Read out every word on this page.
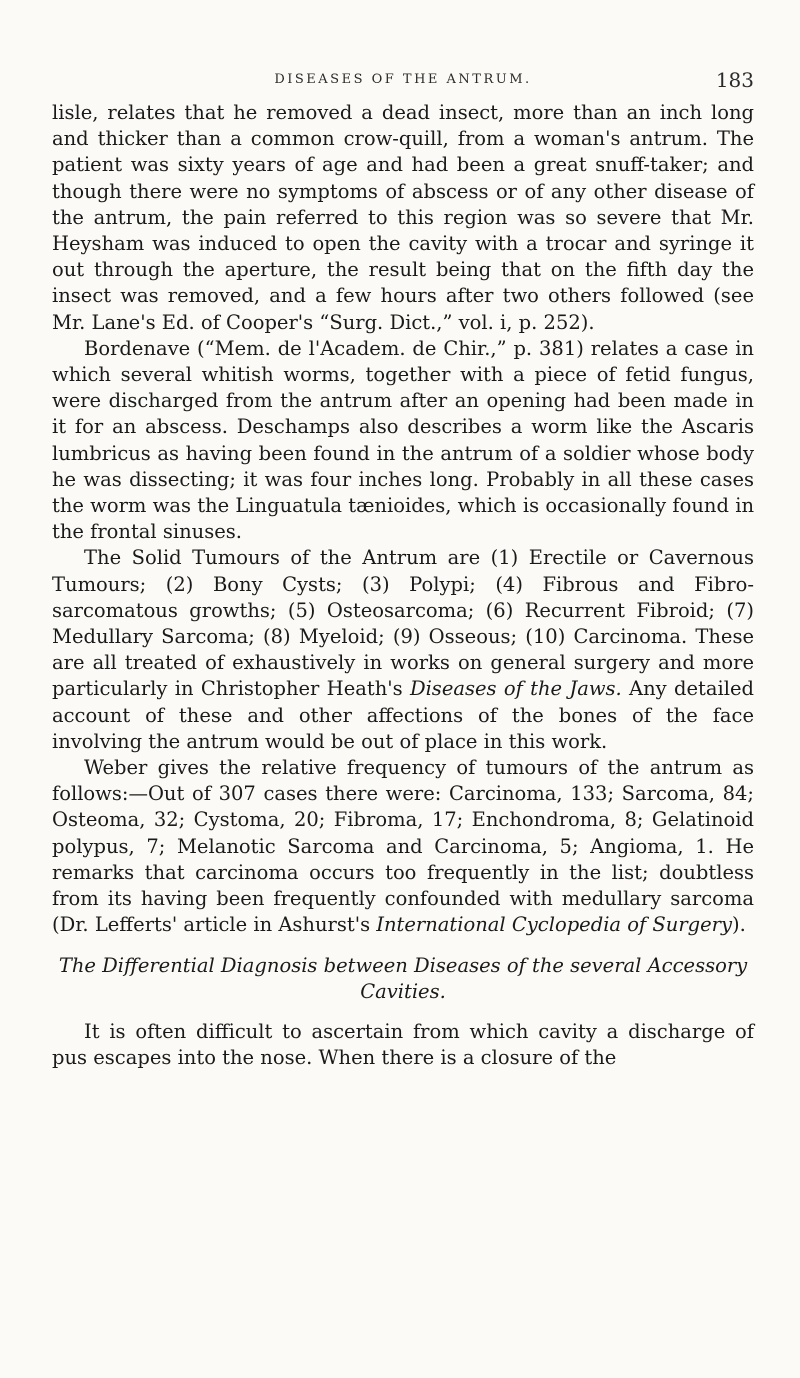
DISEASES OF THE ANTRUM.	183

lisle, relates that he removed a dead insect, more than an inch long and thicker than a common crow-quill, from a woman's antrum. The patient was sixty years of age and had been a great snuff-taker; and though there were no symptoms of abscess or of any other disease of the antrum, the pain referred to this region was so severe that Mr. Heysham was induced to open the cavity with a trocar and syringe it out through the aperture, the result being that on the fifth day the insect was removed, and a few hours after two others followed (see Mr. Lane's Ed. of Cooper's “Surg. Dict.,” vol. i, p. 252).

Bordenave (“Mem. de l'Academ. de Chir.,” p. 381) relates a case in which several whitish worms, together with a piece of fetid fungus, were discharged from the antrum after an opening had been made in it for an abscess. Deschamps also describes a worm like the Ascaris lumbricus as having been found in the antrum of a soldier whose body he was dissecting; it was four inches long. Probably in all these cases the worm was the Linguatula tænioides, which is occasionally found in the frontal sinuses.

The Solid Tumours of the Antrum are (1) Erectile or Cavernous Tumours; (2) Bony Cysts; (3) Polypi; (4) Fibrous and Fibro-sarcomatous growths; (5) Osteosarcoma; (6) Recurrent Fibroid; (7) Medullary Sarcoma; (8) Myeloid; (9) Osseous; (10) Carcinoma. These are all treated of exhaustively in works on general surgery and more particularly in Christopher Heath's Diseases of the Jaws. Any detailed account of these and other affections of the bones of the face involving the antrum would be out of place in this work.

Weber gives the relative frequency of tumours of the antrum as follows:—Out of 307 cases there were: Carcinoma, 133; Sarcoma, 84; Osteoma, 32; Cystoma, 20; Fibroma, 17; Enchondroma, 8; Gelatinoid polypus, 7; Melanotic Sarcoma and Carcinoma, 5; Angioma, 1. He remarks that carcinoma occurs too frequently in the list; doubtless from its having been frequently confounded with medullary sarcoma (Dr. Lefferts' article in Ashurst's International Cyclopedia of Surgery).

The Differential Diagnosis between Diseases of the several Accessory Cavities.

It is often difficult to ascertain from which cavity a discharge of pus escapes into the nose. When there is a closure of the
